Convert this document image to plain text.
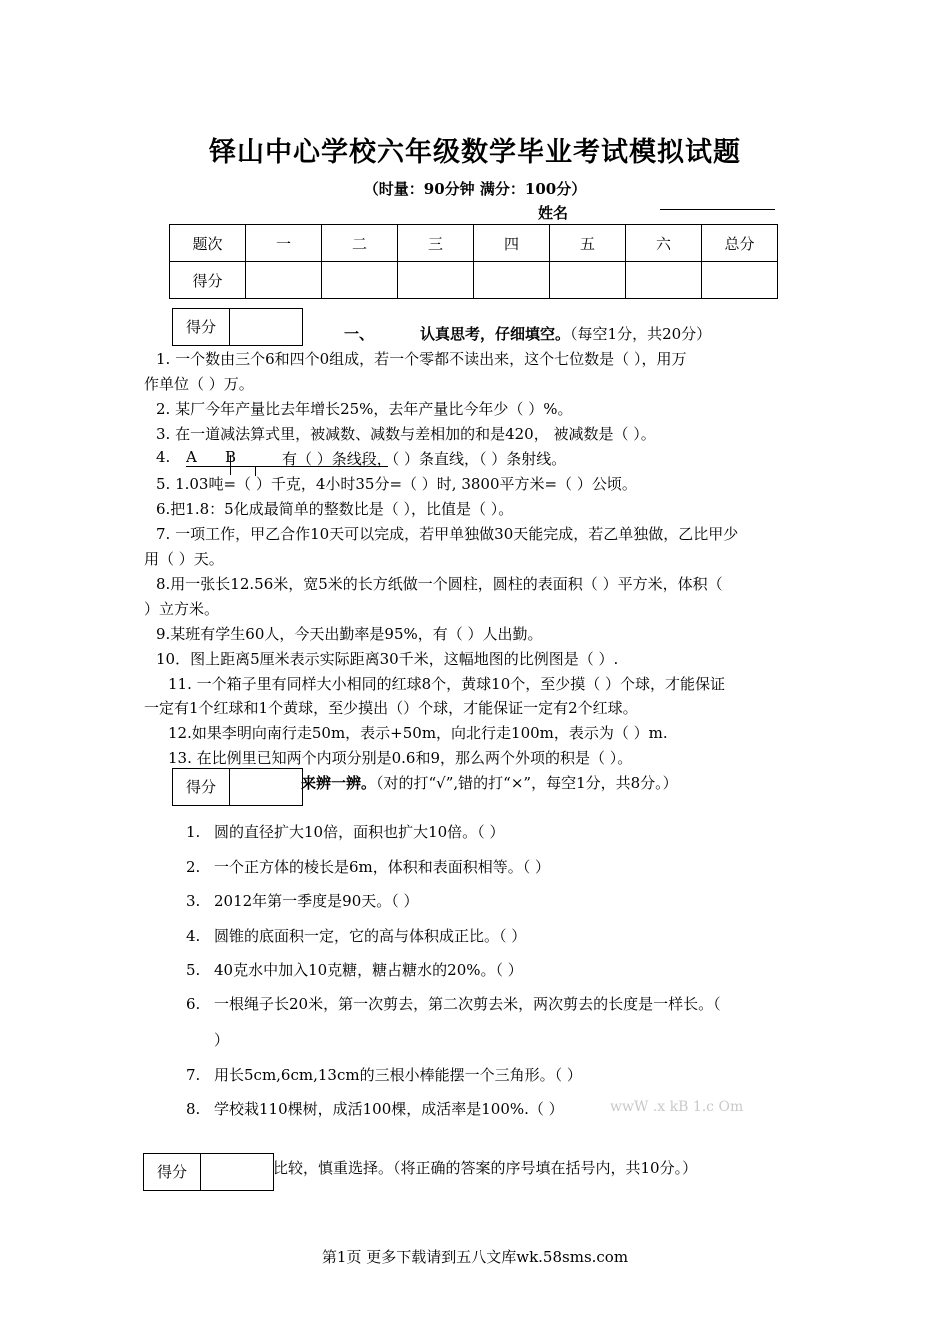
铎山中心学校六年级数学毕业考试模拟试题
（时量：90分钟 满分：100分）
姓名
题次	一	二	三	四	五	六	总分
得分							
得分	一、	认真思考，仔细填空。（每空1分，共20分）
1. 一个数由三个6和四个0组成，若一个零都不读出来，这个七位数是（ ），用万
作单位（ ）万。
2. 某厂今年产量比去年增长25%，去年产量比今年少（ ）%。
3. 在一道减法算式里，被减数、减数与差相加的和是420， 被减数是（ ）。
4. A B	有（ ）条线段，（ ）条直线，（ ）条射线。
5. 1.03吨=（ ）千克，4小时35分=（ ）时, 3800平方米=（ ）公顷。
6.把1.8：5化成最简单的整数比是（ ），比值是（ ）。
7. 一项工作，甲乙合作10天可以完成，若甲单独做30天能完成，若乙单独做，乙比甲少
用（ ）天。
8.用一张长12.56米，宽5米的长方纸做一个圆柱，圆柱的表面积（ ）平方米，体积（
）立方米。
9.某班有学生60人，今天出勤率是95%，有（ ）人出勤。
10．图上距离5厘米表示实际距离30千米，这幅地图的比例图是（ ）.
11. 一个箱子里有同样大小相同的红球8个，黄球10个，至少摸（ ）个球，才能保证
一定有1个红球和1个黄球，至少摸出（）个球，才能保证一定有2个红球。
12.如果李明向南行走50m，表示+50m，向北行走100m，表示为（ ）m.
13. 在比例里已知两个内项分别是0.6和9，那么两个外项的积是（ ）。
得分	来辨一辨。（对的打“√”,错的打“×”，每空1分，共8分。）
1. 圆的直径扩大10倍，面积也扩大10倍。（ ）
2. 一个正方体的棱长是6m，体积和表面积相等。（ ）
3. 2012年第一季度是90天。（ ）
4. 圆锥的底面积一定，它的高与体积成正比。（ ）
5. 40克水中加入10克糖，糖占糖水的20%。（ ）
6. 一根绳子长20米，第一次剪去，第二次剪去米，两次剪去的长度是一样长。（
）
7. 用长5cm,6cm,13cm的三根小棒能摆一个三角形。（ ）
8. 学校栽110棵树，成活100棵，成活率是100%.（ ）	wwW .x kB 1.c Om
得分	比较，慎重选择。（将正确的答案的序号填在括号内，共10分。）
第1页 更多下载请到五八文库wk.58sms.com
